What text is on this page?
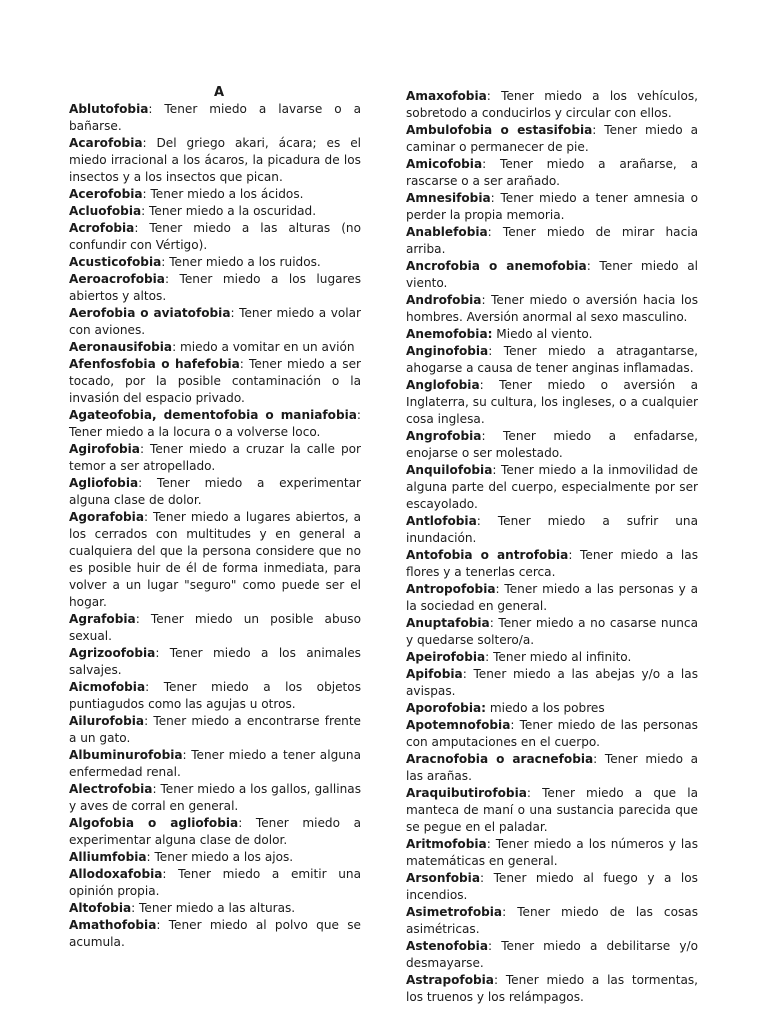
A

Ablutofobia: Tener miedo a lavarse o a bañarse.

Acarofobia: Del griego akari, ácara; es el miedo irracional a los ácaros, la picadura de los insectos y a los insectos que pican.

Acerofobia: Tener miedo a los ácidos.

Acluofobia: Tener miedo a la oscuridad.

Acrofobia: Tener miedo a las alturas (no confundir con Vértigo).

Acusticofobia: Tener miedo a los ruidos.

Aeroacrofobia: Tener miedo a los lugares abiertos y altos.

Aerofobia o aviatofobia: Tener miedo a volar con aviones.

Aeronausifobia: miedo a vomitar en un avión

Afenfosfobia o hafefobia: Tener miedo a ser tocado, por la posible contaminación o la invasión del espacio privado.

Agateofobia, dementofobia o maniafobia: Tener miedo a la locura o a volverse loco.

Agirofobia: Tener miedo a cruzar la calle por temor a ser atropellado.

Agliofobia: Tener miedo a experimentar alguna clase de dolor.

Agorafobia: Tener miedo a lugares abiertos, a los cerrados con multitudes y en general a cualquiera del que la persona considere que no es posible huir de él de forma inmediata, para volver a un lugar "seguro" como puede ser el hogar.

Agrafobia: Tener miedo un posible abuso sexual.

Agrizoofobia: Tener miedo a los animales salvajes.

Aicmofobia: Tener miedo a los objetos puntiagudos como las agujas u otros.

Ailurofobia: Tener miedo a encontrarse frente a un gato.

Albuminurofobia: Tener miedo a tener alguna enfermedad renal.

Alectrofobia: Tener miedo a los gallos, gallinas y aves de corral en general.

Algofobia o agliofobia: Tener miedo a experimentar alguna clase de dolor.

Alliumfobia: Tener miedo a los ajos.

Allodoxafobia: Tener miedo a emitir una opinión propia.

Altofobia: Tener miedo a las alturas.

Amathofobia: Tener miedo al polvo que se acumula.

Amaxofobia: Tener miedo a los vehículos, sobretodo a conducirlos y circular con ellos.

Ambulofobia o estasifobia: Tener miedo a caminar o permanecer de pie.

Amicofobia: Tener miedo a arañarse, a rascarse o a ser arañado.

Amnesifobia: Tener miedo a tener amnesia o perder la propia memoria.

Anablefobia: Tener miedo de mirar hacia arriba.

Ancrofobia o anemofobia: Tener miedo al viento.

Androfobia: Tener miedo o aversión hacia los hombres. Aversión anormal al sexo masculino.

Anemofobia: Miedo al viento.

Anginofobia: Tener miedo a atragantarse, ahogarse a causa de tener anginas inflamadas.

Anglofobia: Tener miedo o aversión a Inglaterra, su cultura, los ingleses, o a cualquier cosa inglesa.

Angrofobia: Tener miedo a enfadarse, enojarse o ser molestado.

Anquilofobia: Tener miedo a la inmovilidad de alguna parte del cuerpo, especialmente por ser escayolado.

Antlofobia: Tener miedo a sufrir una inundación.

Antofobia o antrofobia: Tener miedo a las flores y a tenerlas cerca.

Antropofobia: Tener miedo a las personas y a la sociedad en general.

Anuptafobia: Tener miedo a no casarse nunca y quedarse soltero/a.

Apeirofobia: Tener miedo al infinito.

Apifobia: Tener miedo a las abejas y/o a las avispas.

Aporofobia: miedo a los pobres

Apotemnofobia: Tener miedo de las personas con amputaciones en el cuerpo.

Aracnofobia o aracnefobia: Tener miedo a las arañas.

Araquibutirofobia: Tener miedo a que la manteca de maní o una sustancia parecida que se pegue en el paladar.

Aritmofobia: Tener miedo a los números y las matemáticas en general.

Arsonfobia: Tener miedo al fuego y a los incendios.

Asimetrofobia: Tener miedo de las cosas asimétricas.

Astenofobia: Tener miedo a debilitarse y/o desmayarse.

Astrapofobia: Tener miedo a las tormentas, los truenos y los relámpagos.
